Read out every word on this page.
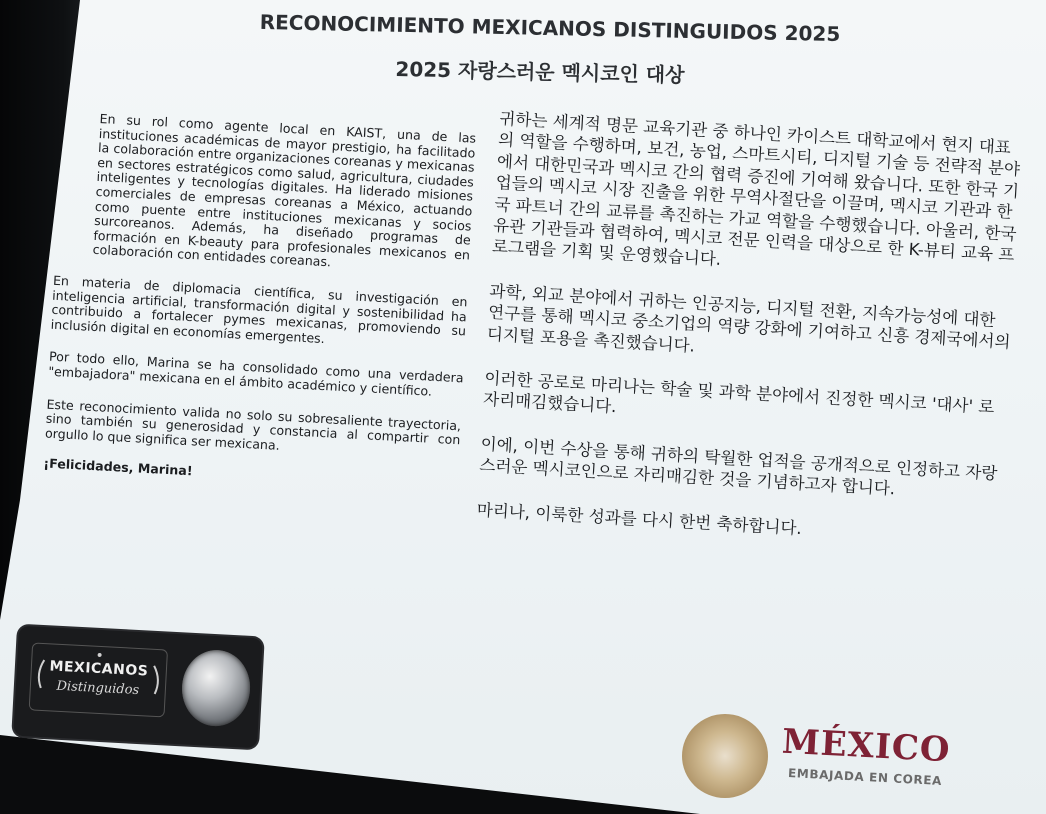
RECONOCIMIENTO MEXICANOS DISTINGUIDOS 2025
2025 자랑스러운 멕시코인 대상

En su rol como agente local en KAIST, una de las instituciones académicas de mayor prestigio, ha facilitado la colaboración entre organizaciones coreanas y mexicanas en sectores estratégicos como salud, agricultura, ciudades inteligentes y tecnologías digitales. Ha liderado misiones comerciales de empresas coreanas a México, actuando como puente entre instituciones mexicanas y socios surcoreanos. Además, ha diseñado programas de formación en K-beauty para profesionales mexicanos en colaboración con entidades coreanas.

En materia de diplomacia científica, su investigación en inteligencia artificial, transformación digital y sostenibilidad ha contribuido a fortalecer pymes mexicanas, promoviendo su inclusión digital en economías emergentes.

Por todo ello, Marina se ha consolidado como una verdadera "embajadora" mexicana en el ámbito académico y científico.

Este reconocimiento valida no solo su sobresaliente trayectoria, sino también su generosidad y constancia al compartir con orgullo lo que significa ser mexicana.

¡Felicidades, Marina!

귀하는 세계적 명문 교육기관 중 하나인 카이스트 대학교에서 현지 대표의 역할을 수행하며, 보건, 농업, 스마트시티, 디지털 기술 등 전략적 분야에서 대한민국과 멕시코 간의 협력 증진에 기여해 왔습니다. 또한 한국 기업들의 멕시코 시장 진출을 위한 무역사절단을 이끌며, 멕시코 기관과 한국 파트너 간의 교류를 촉진하는 가교 역할을 수행했습니다. 아울러, 한국 유관 기관들과 협력하여, 멕시코 전문 인력을 대상으로 한 K-뷰티 교육 프로그램을 기획 및 운영했습니다.

과학, 외교 분야에서 귀하는 인공지능, 디지털 전환, 지속가능성에 대한 연구를 통해 멕시코 중소기업의 역량 강화에 기여하고 신흥 경제국에서의 디지털 포용을 촉진했습니다.

이러한 공로로 마리나는 학술 및 과학 분야에서 진정한 멕시코 '대사' 로 자리매김했습니다.

이에, 이번 수상을 통해 귀하의 탁월한 업적을 공개적으로 인정하고 자랑스러운 멕시코인으로 자리매김한 것을 기념하고자 합니다.

마리나, 이룩한 성과를 다시 한번 축하합니다.

MEXICANOS
Distinguidos
MÉXICO
EMBAJADA EN COREA
